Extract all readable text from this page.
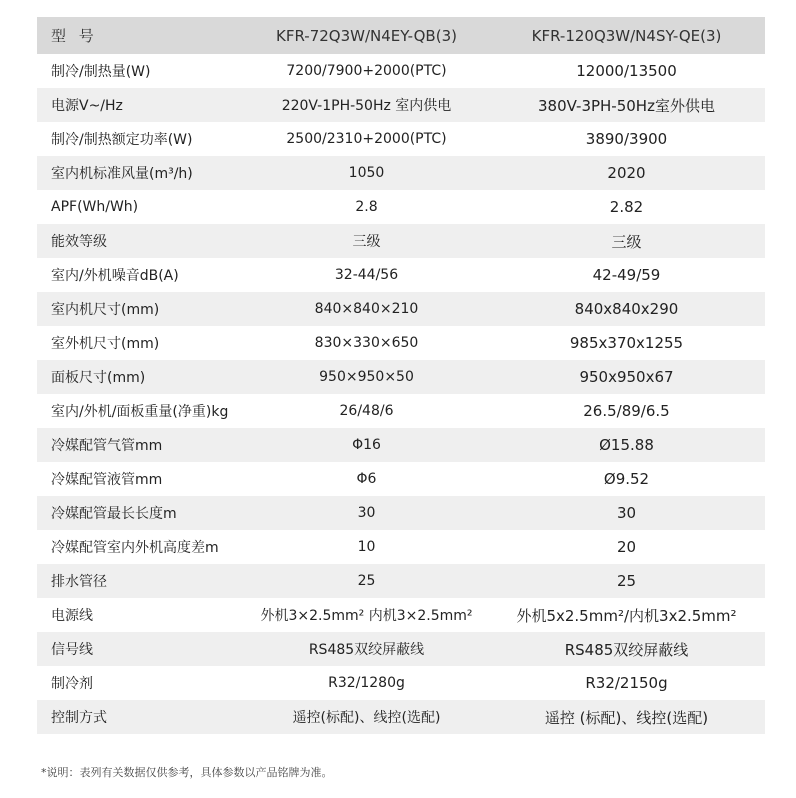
型 号	KFR-72Q3W/N4EY-QB(3)	KFR-120Q3W/N4SY-QE(3)
制冷/制热量(W)	7200/7900+2000(PTC)	12000/13500
电源V~/Hz	220V-1PH-50Hz 室内供电	380V-3PH-50Hz室外供电
制冷/制热额定功率(W)	2500/2310+2000(PTC)	3890/3900
室内机标准风量(m³/h)	1050	2020
APF(Wh/Wh)	2.8	2.82
能效等级	三级	三级
室内/外机噪音dB(A)	32-44/56	42-49/59
室内机尺寸(mm)	840×840×210	840x840x290
室外机尺寸(mm)	830×330×650	985x370x1255
面板尺寸(mm)	950×950×50	950x950x67
室内/外机/面板重量(净重)kg	26/48/6	26.5/89/6.5
冷媒配管气管mm	Φ16	Ø15.88
冷媒配管液管mm	Φ6	Ø9.52
冷媒配管最长长度m	30	30
冷媒配管室内外机高度差m	10	20
排水管径	25	25
电源线	外机3×2.5mm² 内机3×2.5mm²	外机5x2.5mm²/内机3x2.5mm²
信号线	RS485双绞屏蔽线	RS485双绞屏蔽线
制冷剂	R32/1280g	R32/2150g
控制方式	遥控(标配)、线控(选配)	遥控 (标配)、线控(选配)
*说明：表列有关数据仅供参考，具体参数以产品铭牌为准。
